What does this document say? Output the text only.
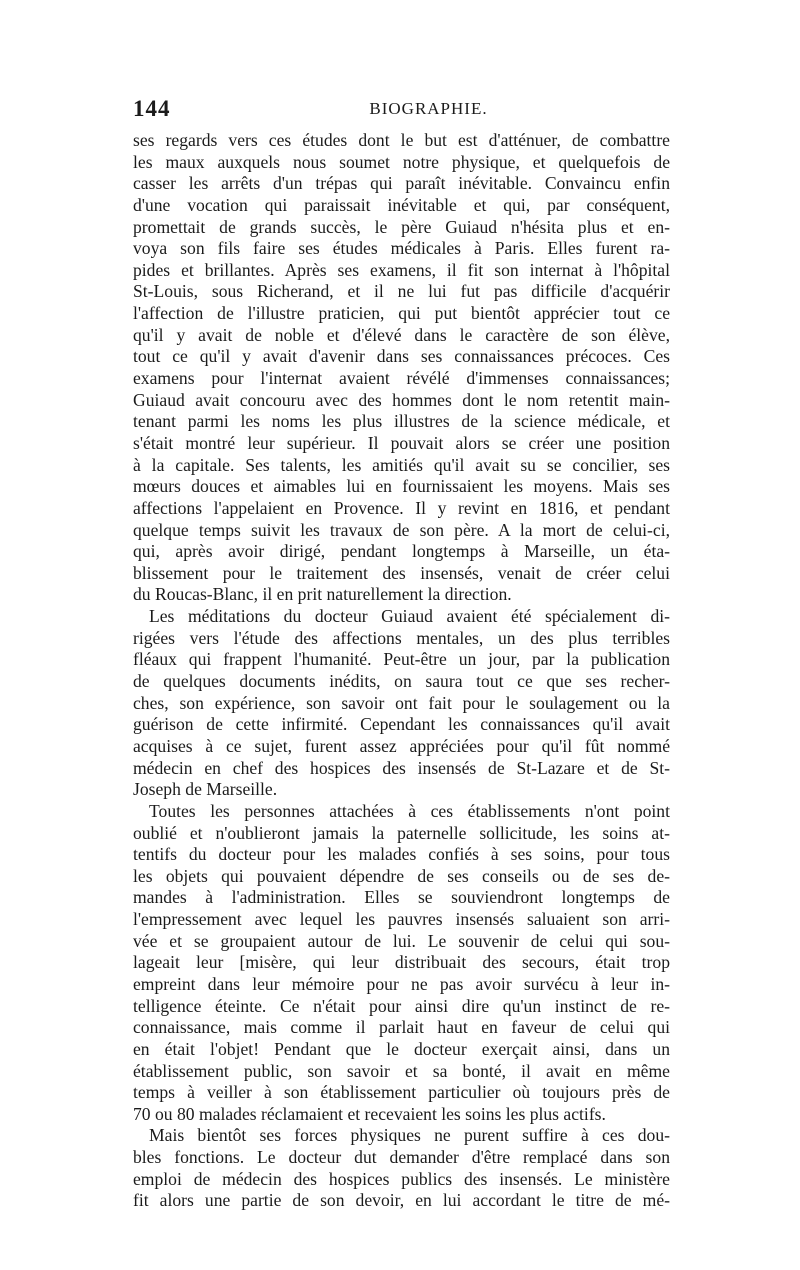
144	BIOGRAPHIE.
ses regards vers ces études dont le but est d'atténuer, de combattre
les maux auxquels nous soumet notre physique, et quelquefois de
casser les arrêts d'un trépas qui paraît inévitable. Convaincu enfin
d'une vocation qui paraissait inévitable et qui, par conséquent,
promettait de grands succès, le père Guiaud n'hésita plus et en-
voya son fils faire ses études médicales à Paris. Elles furent ra-
pides et brillantes. Après ses examens, il fit son internat à l'hôpital
St-Louis, sous Richerand, et il ne lui fut pas difficile d'acquérir
l'affection de l'illustre praticien, qui put bientôt apprécier tout ce
qu'il y avait de noble et d'élevé dans le caractère de son élève,
tout ce qu'il y avait d'avenir dans ses connaissances précoces. Ces
examens pour l'internat avaient révélé d'immenses connaissances;
Guiaud avait concouru avec des hommes dont le nom retentit main-
tenant parmi les noms les plus illustres de la science médicale, et
s'était montré leur supérieur. Il pouvait alors se créer une position
à la capitale. Ses talents, les amitiés qu'il avait su se concilier, ses
mœurs douces et aimables lui en fournissaient les moyens. Mais ses
affections l'appelaient en Provence. Il y revint en 1816, et pendant
quelque temps suivit les travaux de son père. A la mort de celui-ci,
qui, après avoir dirigé, pendant longtemps à Marseille, un éta-
blissement pour le traitement des insensés, venait de créer celui
du Roucas-Blanc, il en prit naturellement la direction.
Les méditations du docteur Guiaud avaient été spécialement di-
rigées vers l'étude des affections mentales, un des plus terribles
fléaux qui frappent l'humanité. Peut-être un jour, par la publication
de quelques documents inédits, on saura tout ce que ses recher-
ches, son expérience, son savoir ont fait pour le soulagement ou la
guérison de cette infirmité. Cependant les connaissances qu'il avait
acquises à ce sujet, furent assez appréciées pour qu'il fût nommé
médecin en chef des hospices des insensés de St-Lazare et de St-
Joseph de Marseille.
Toutes les personnes attachées à ces établissements n'ont point
oublié et n'oublieront jamais la paternelle sollicitude, les soins at-
tentifs du docteur pour les malades confiés à ses soins, pour tous
les objets qui pouvaient dépendre de ses conseils ou de ses de-
mandes à l'administration. Elles se souviendront longtemps de
l'empressement avec lequel les pauvres insensés saluaient son arri-
vée et se groupaient autour de lui. Le souvenir de celui qui sou-
lageait leur [misère, qui leur distribuait des secours, était trop
empreint dans leur mémoire pour ne pas avoir survécu à leur in-
telligence éteinte. Ce n'était pour ainsi dire qu'un instinct de re-
connaissance, mais comme il parlait haut en faveur de celui qui
en était l'objet! Pendant que le docteur exerçait ainsi, dans un
établissement public, son savoir et sa bonté, il avait en même
temps à veiller à son établissement particulier où toujours près de
70 ou 80 malades réclamaient et recevaient les soins les plus actifs.
Mais bientôt ses forces physiques ne purent suffire à ces dou-
bles fonctions. Le docteur dut demander d'être remplacé dans son
emploi de médecin des hospices publics des insensés. Le ministère
fit alors une partie de son devoir, en lui accordant le titre de mé-
